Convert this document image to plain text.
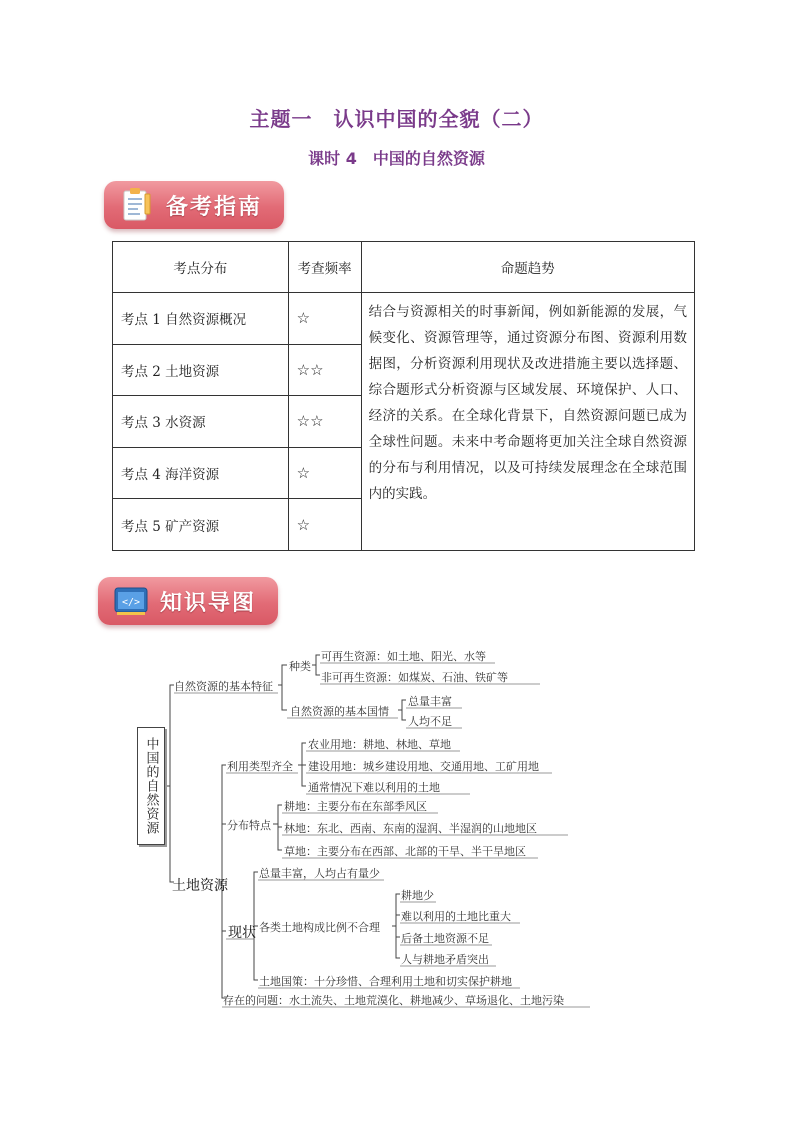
主题一　认识中国的全貌（二）
课时 4　中国的自然资源
备考指南
考点分布	考查频率	命题趋势
考点 1 自然资源概况	☆	结合与资源相关的时事新闻，例如新能源的发展，气候变化、资源管理等，通过资源分布图、资源利用数据图，分析资源利用现状及改进措施主要以选择题、综合题形式分析资源与区域发展、环境保护、人口、经济的关系。在全球化背景下，自然资源问题已成为全球性问题。未来中考命题将更加关注全球自然资源的分布与利用情况，以及可持续发展理念在全球范围内的实践。
考点 2 土地资源	☆☆	
考点 3 水资源	☆☆	
考点 4 海洋资源	☆	
考点 5 矿产资源	☆	
</> 知识导图
中国的自然资源
自然资源的基本特征
种类
可再生资源：如土地、阳光、水等
非可再生资源：如煤炭、石油、铁矿等
自然资源的基本国情
总量丰富
人均不足
土地资源
利用类型齐全
农业用地：耕地、林地、草地
建设用地：城乡建设用地、交通用地、工矿用地
通常情况下难以利用的土地
分布特点
耕地：主要分布在东部季风区
林地：东北、西南、东南的湿润、半湿润的山地地区
草地：主要分布在西部、北部的干旱、半干旱地区
现状
总量丰富，人均占有量少
各类土地构成比例不合理
耕地少
难以利用的土地比重大
后备土地资源不足
人与耕地矛盾突出
土地国策：十分珍惜、合理利用土地和切实保护耕地
存在的问题：水土流失、土地荒漠化、耕地减少、草场退化、土地污染
